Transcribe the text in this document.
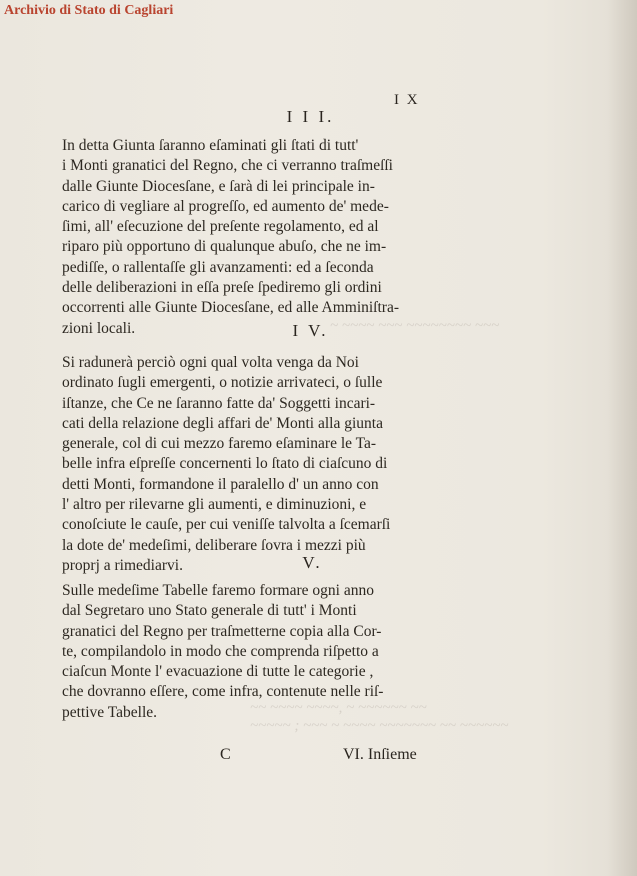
~ ~~~~ ~~~ ~~~~~~~~ ~~~
~~ ~~~~ ~~~~, ~ ~~~~~~ ~~
~~~~~ ; ~~~ ~ ~~~~ ~~~~~~~ ~~ ~~~~~~
Archivio di Stato di Cagliari
I X
I I I.
In detta Giunta ſaranno eſaminati gli ſtati di tutt'
i Monti granatici del Regno, che ci verranno traſmeſſi
dalle Giunte Diocesſane, e ſarà di lei principale in-
carico di vegliare al progreſſo, ed aumento de' mede-
ſimi, all' eſecuzione del preſente regolamento, ed al
riparo più opportuno di qualunque abuſo, che ne im-
pediſſe, o rallentaſſe gli avanzamenti: ed a ſeconda
delle deliberazioni in eſſa preſe ſpediremo gli ordini
occorrenti alle Giunte Diocesſane, ed alle Amminiſtra-
zioni locali.	I V.
Si radunerà perciò ogni qual volta venga da Noi
ordinato ſugli emergenti, o notizie arrivateci, o ſulle
iſtanze, che Ce ne ſaranno fatte da' Soggetti incari-
cati della relazione degli affari de' Monti alla giunta
generale, col di cui mezzo faremo eſaminare le Ta-
belle infra eſpreſſe concernenti lo ſtato di ciaſcuno di
detti Monti, formandone il paralello d' un anno con
l' altro per rilevarne gli aumenti, e diminuzioni, e
conoſciute le cauſe, per cui veniſſe talvolta a ſcemarſi
la dote de' medeſimi, deliberare ſovra i mezzi più
proprj a rimediarvi.	V.
Sulle medeſime Tabelle faremo formare ogni anno
dal Segretaro uno Stato generale di tutt' i Monti
granatici del Regno per traſmetterne copia alla Cor-
te, compilandolo in modo che comprenda riſpetto a
ciaſcun Monte l' evacuazione di tutte le categorie ,
che dovranno eſſere, come infra, contenute nelle riſ-
pettive Tabelle.
C	VI. Inſieme
